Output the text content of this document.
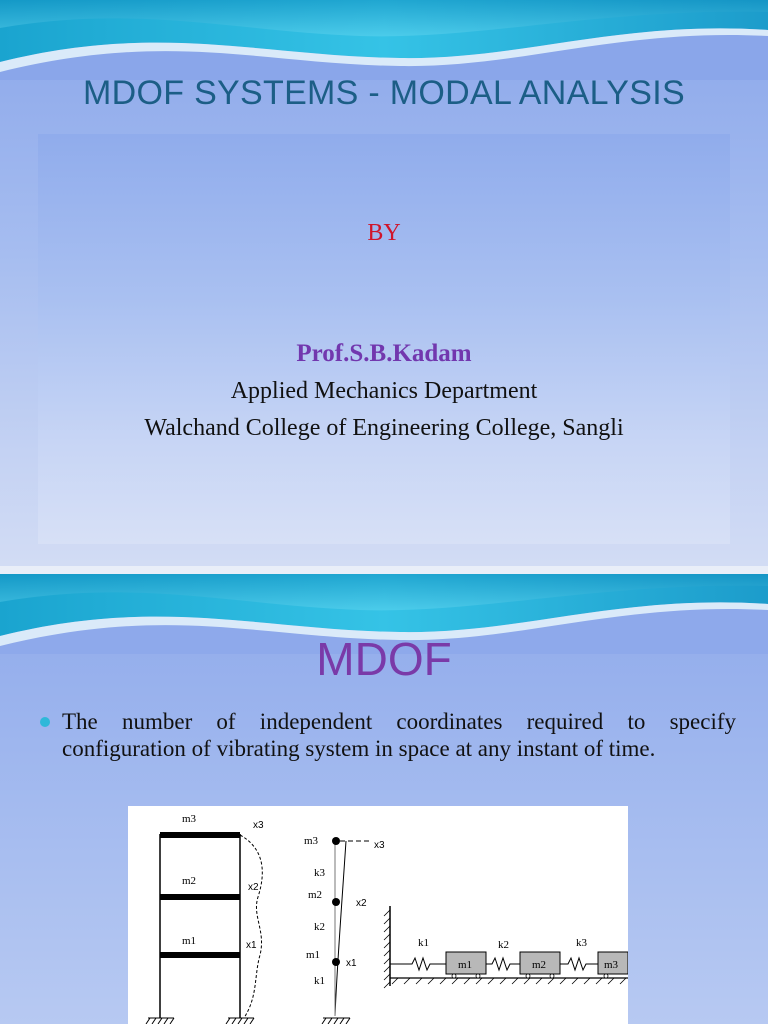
MDOF SYSTEMS - MODAL ANALYSIS
BY
Prof.S.B.Kadam
Applied Mechanics Department
Walchand College of Engineering College, Sangli
MDOF
The number of independent coordinates required to specify configuration of vibrating system in space at any instant of time.
m3
m2
m1
x3
x2
x1
m3
k3
m2
k2
m1
k1
x3
x2
x1
k1	k2	k3
m1	m2	m3
